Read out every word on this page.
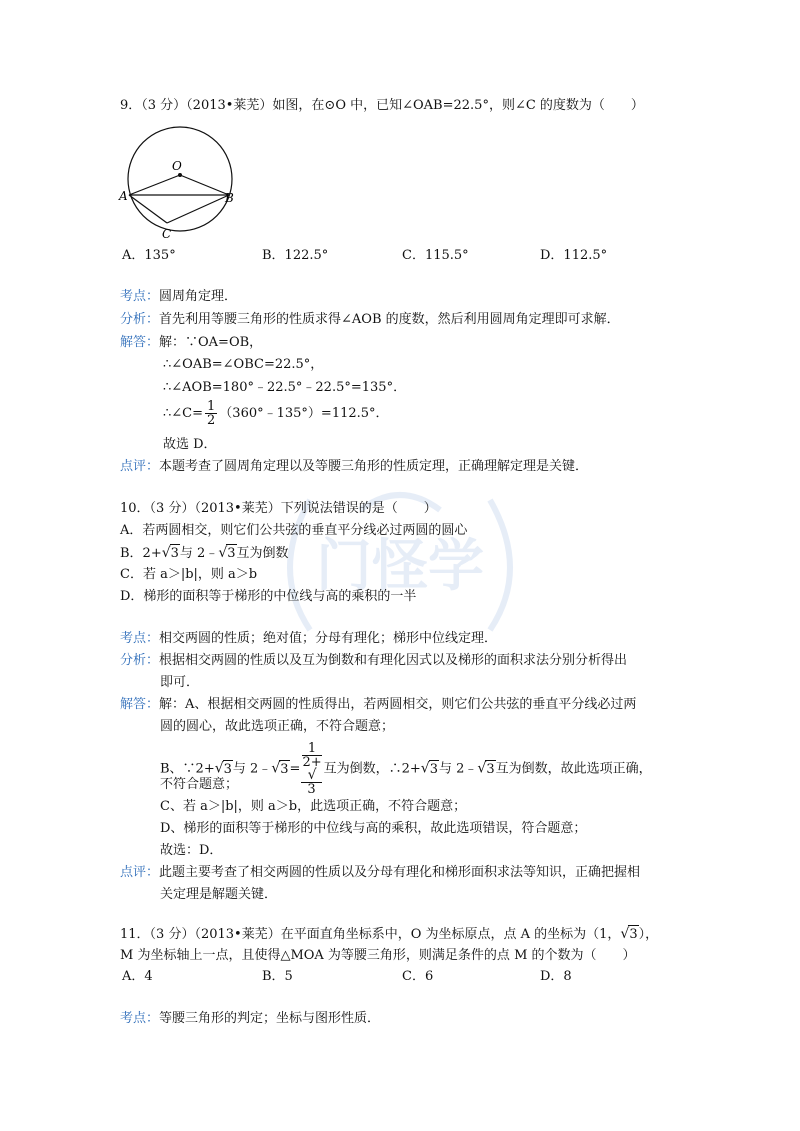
门怪学
9．（3 分）（2013•莱芜）如图，在⊙O 中，已知∠OAB=22.5°，则∠C 的度数为（　　）
O
A	B
C
A．135°	B．122.5°	C．115.5°	D．112.5°
考点：圆周角定理．
分析：首先利用等腰三角形的性质求得∠AOB 的度数，然后利用圆周角定理即可求解．
解答：解：∵OA=OB，
∴∠OAB=∠OBC=22.5°，
∴∠AOB=180°﹣22.5°﹣22.5°=135°．
∴∠C= $\frac{1}{2}$ （360°﹣135°）=112.5°．
故选 D．
点评：本题考查了圆周角定理以及等腰三角形的性质定理，正确理解定理是关键．
10．（3 分）（2013•莱芜）下列说法错误的是（　　）
A．若两圆相交，则它们公共弦的垂直平分线必过两圆的圆心
B．2+√3与 2﹣√3互为倒数
C．若 a＞|b|，则 a＞b
D．梯形的面积等于梯形的中位线与高的乘积的一半
考点：相交两圆的性质；绝对值；分母有理化；梯形中位线定理．
分析：根据相交两圆的性质以及互为倒数和有理化因式以及梯形的面积求法分别分析得出
即可．
解答：解：A、根据相交两圆的性质得出，若两圆相交，则它们公共弦的垂直平分线必过两
圆的圆心，故此选项正确，不符合题意；
B、∵2+√3与 2﹣√3= 1
2+
√
3 互为倒数，∴2+√3与 2﹣√3互为倒数，故此选项正确，
不符合题意；
C、若 a＞|b|，则 a＞b，此选项正确，不符合题意；
D、梯形的面积等于梯形的中位线与高的乘积，故此选项错误，符合题意；
故选：D．
点评：此题主要考查了相交两圆的性质以及分母有理化和梯形面积求法等知识，正确把握相
关定理是解题关键．
11．（3 分）（2013•莱芜）在平面直角坐标系中，O 为坐标原点，点 A 的坐标为（1，√3），
M 为坐标轴上一点，且使得△MOA 为等腰三角形，则满足条件的点 M 的个数为（　　）
A．4	B．5	C．6	D．8
考点：等腰三角形的判定；坐标与图形性质．
